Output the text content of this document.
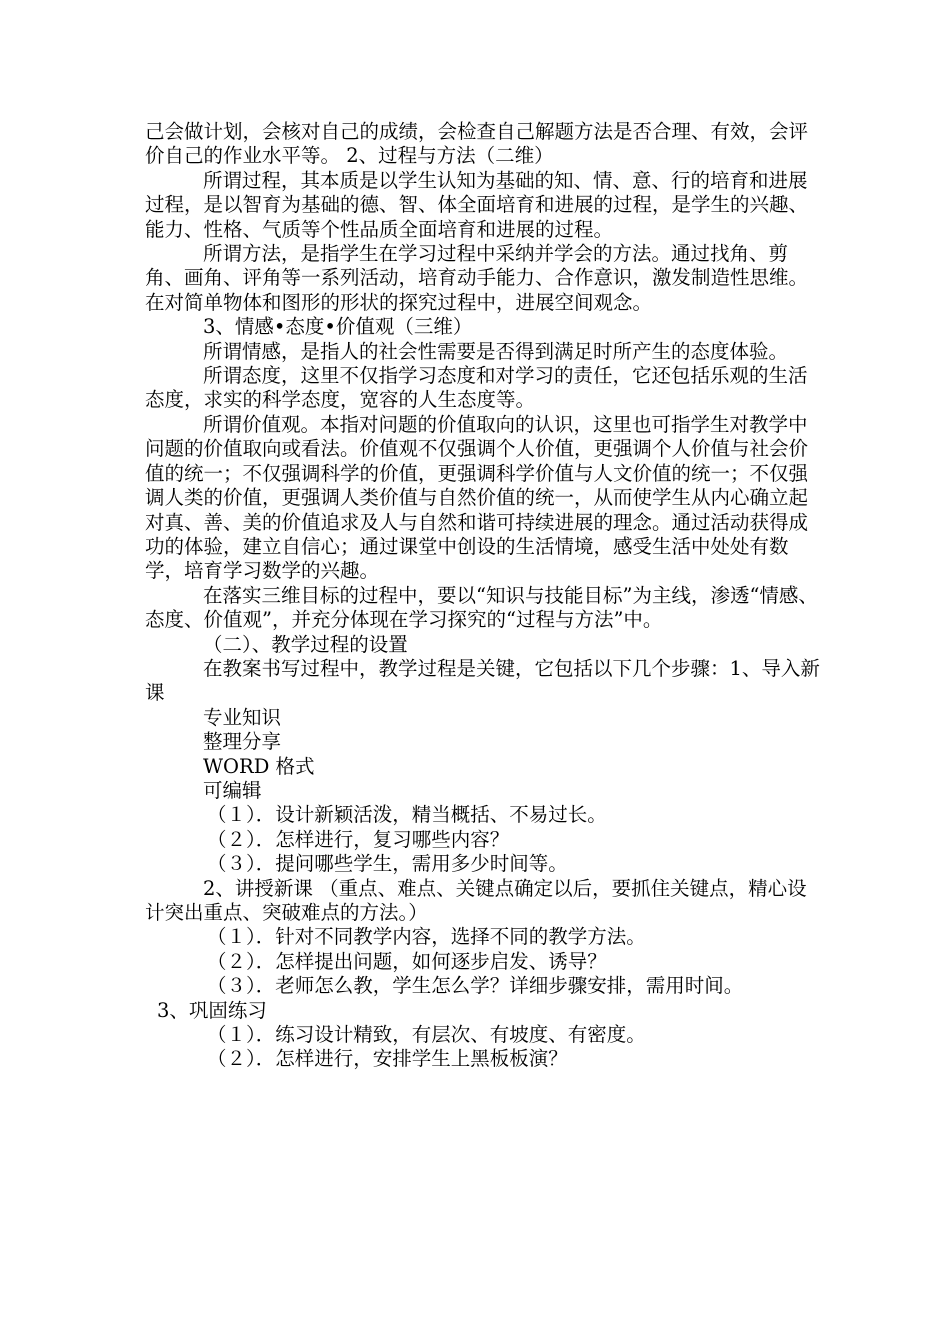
己会做计划，会核对自己的成绩，会检查自己解题方法是否合理、有效，会评价自己的作业水平等。 2、过程与方法（二维）

所谓过程，其本质是以学生认知为基础的知、情、意、行的培育和进展过程，是以智育为基础的德、智、体全面培育和进展的过程，是学生的兴趣、能力、性格、气质等个性品质全面培育和进展的过程。

所谓方法，是指学生在学习过程中采纳并学会的方法。通过找角、剪角、画角、评角等一系列活动，培育动手能力、合作意识，激发制造性思维。在对简单物体和图形的形状的探究过程中，进展空间观念。

3、情感•态度•价值观（三维）

所谓情感，是指人的社会性需要是否得到满足时所产生的态度体验。

所谓态度，这里不仅指学习态度和对学习的责任，它还包括乐观的生活态度，求实的科学态度，宽容的人生态度等。

所谓价值观。本指对问题的价值取向的认识，这里也可指学生对教学中问题的价值取向或看法。价值观不仅强调个人价值，更强调个人价值与社会价值的统一；不仅强调科学的价值，更强调科学价值与人文价值的统一；不仅强调人类的价值，更强调人类价值与自然价值的统一，从而使学生从内心确立起对真、善、美的价值追求及人与自然和谐可持续进展的理念。通过活动获得成功的体验，建立自信心；通过课堂中创设的生活情境，感受生活中处处有数学，培育学习数学的兴趣。

在落实三维目标的过程中，要以“知识与技能目标”为主线，渗透“情感、态度、价值观”，并充分体现在学习探究的“过程与方法”中。

（二）、教学过程的设置

在教案书写过程中，教学过程是关键，它包括以下几个步骤：1、导入新课

专业知识

整理分享

WORD 格式

可编辑

（１）．设计新颖活泼，精当概括、不易过长。

（２）．怎样进行，复习哪些内容？

（３）．提问哪些学生，需用多少时间等。

2、讲授新课 （重点、难点、关键点确定以后，要抓住关键点，精心设计突出重点、突破难点的方法。）

（１）．针对不同教学内容，选择不同的教学方法。

（２）．怎样提出问题，如何逐步启发、诱导？

（３）．老师怎么教，学生怎么学？详细步骤安排，需用时间。

3、巩固练习

（１）．练习设计精致，有层次、有坡度、有密度。

（２）．怎样进行，安排学生上黑板板演？
